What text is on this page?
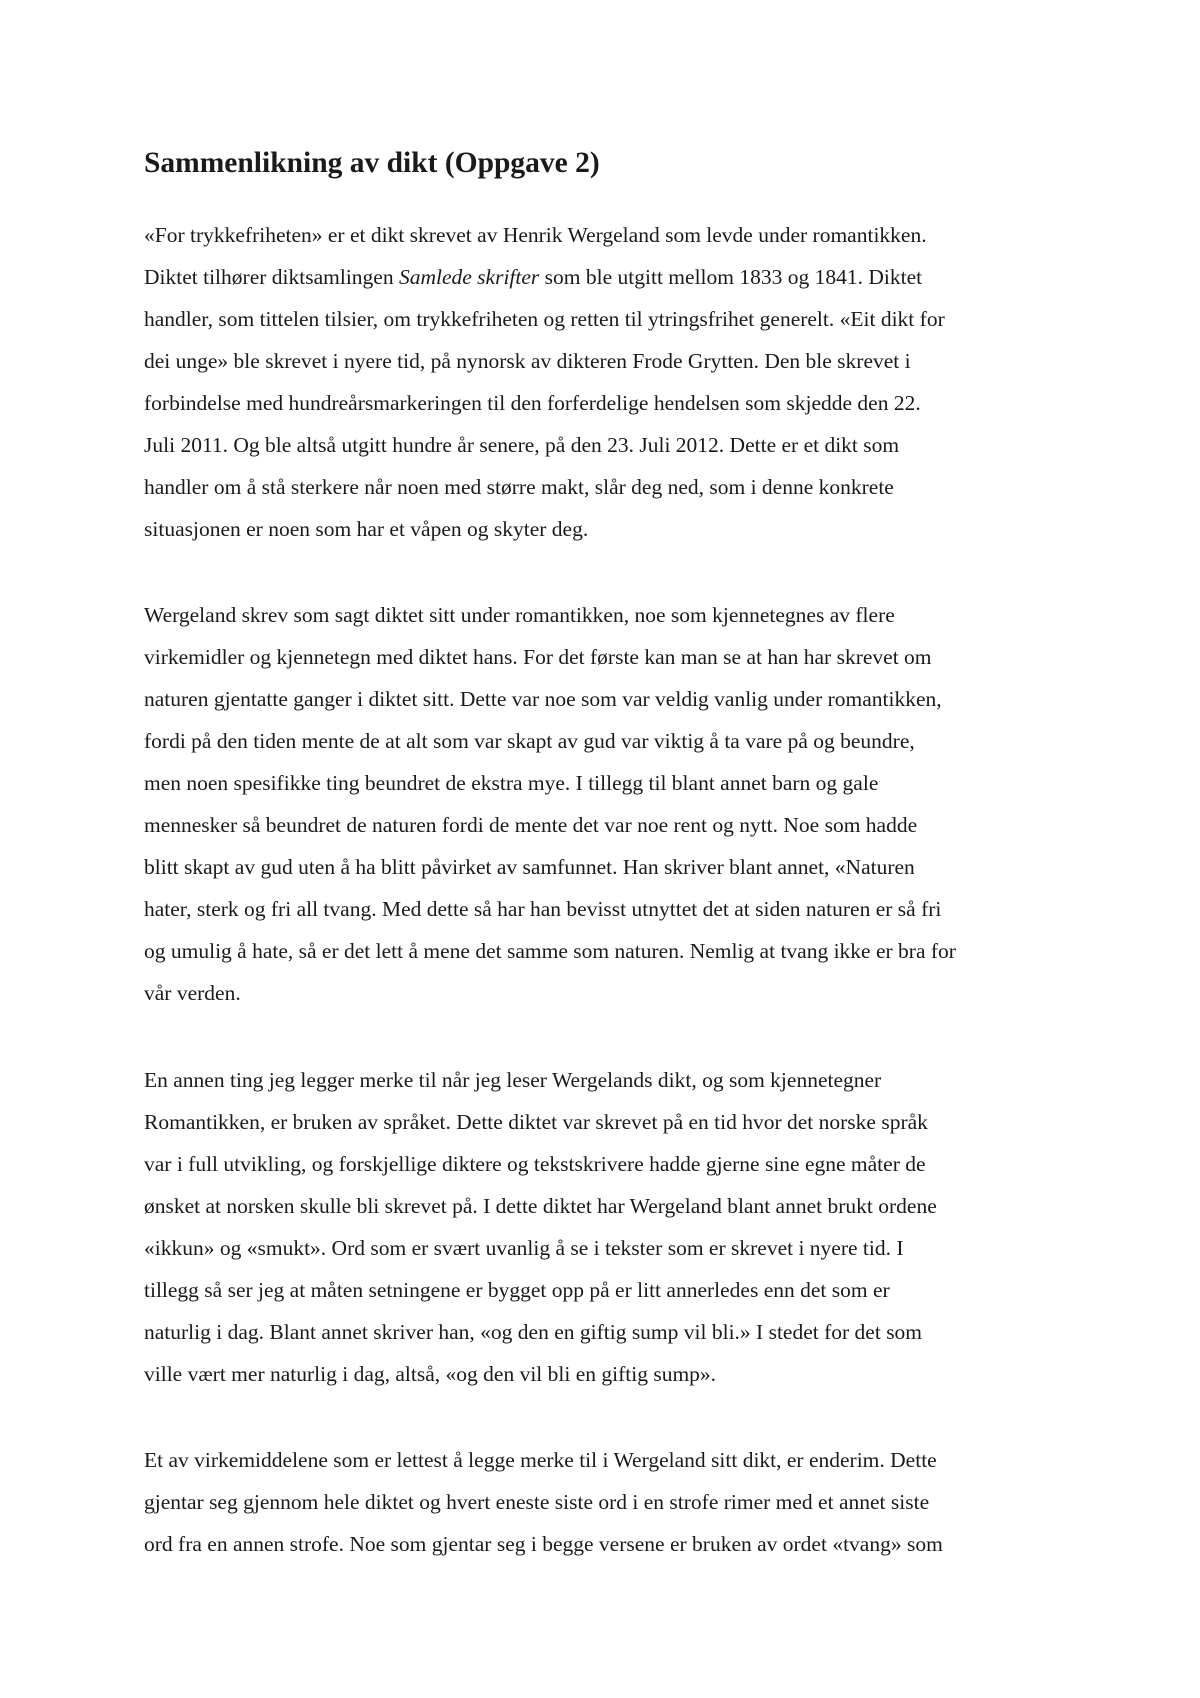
Sammenlikning av dikt (Oppgave 2)

«For trykkefriheten» er et dikt skrevet av Henrik Wergeland som levde under romantikken.
Diktet tilhører diktsamlingen Samlede skrifter som ble utgitt mellom 1833 og 1841. Diktet
handler, som tittelen tilsier, om trykkefriheten og retten til ytringsfrihet generelt. «Eit dikt for
dei unge» ble skrevet i nyere tid, på nynorsk av dikteren Frode Grytten. Den ble skrevet i
forbindelse med hundreårsmarkeringen til den forferdelige hendelsen som skjedde den 22.
Juli 2011. Og ble altså utgitt hundre år senere, på den 23. Juli 2012. Dette er et dikt som
handler om å stå sterkere når noen med større makt, slår deg ned, som i denne konkrete
situasjonen er noen som har et våpen og skyter deg.

Wergeland skrev som sagt diktet sitt under romantikken, noe som kjennetegnes av flere
virkemidler og kjennetegn med diktet hans. For det første kan man se at han har skrevet om
naturen gjentatte ganger i diktet sitt. Dette var noe som var veldig vanlig under romantikken,
fordi på den tiden mente de at alt som var skapt av gud var viktig å ta vare på og beundre,
men noen spesifikke ting beundret de ekstra mye. I tillegg til blant annet barn og gale
mennesker så beundret de naturen fordi de mente det var noe rent og nytt. Noe som hadde
blitt skapt av gud uten å ha blitt påvirket av samfunnet. Han skriver blant annet, «Naturen
hater, sterk og fri all tvang. Med dette så har han bevisst utnyttet det at siden naturen er så fri
og umulig å hate, så er det lett å mene det samme som naturen. Nemlig at tvang ikke er bra for
vår verden.

En annen ting jeg legger merke til når jeg leser Wergelands dikt, og som kjennetegner
Romantikken, er bruken av språket. Dette diktet var skrevet på en tid hvor det norske språk
var i full utvikling, og forskjellige diktere og tekstskrivere hadde gjerne sine egne måter de
ønsket at norsken skulle bli skrevet på. I dette diktet har Wergeland blant annet brukt ordene
«ikkun» og «smukt». Ord som er svært uvanlig å se i tekster som er skrevet i nyere tid. I
tillegg så ser jeg at måten setningene er bygget opp på er litt annerledes enn det som er
naturlig i dag. Blant annet skriver han, «og den en giftig sump vil bli.» I stedet for det som
ville vært mer naturlig i dag, altså, «og den vil bli en giftig sump».

Et av virkemiddelene som er lettest å legge merke til i Wergeland sitt dikt, er enderim. Dette
gjentar seg gjennom hele diktet og hvert eneste siste ord i en strofe rimer med et annet siste
ord fra en annen strofe. Noe som gjentar seg i begge versene er bruken av ordet «tvang» som
